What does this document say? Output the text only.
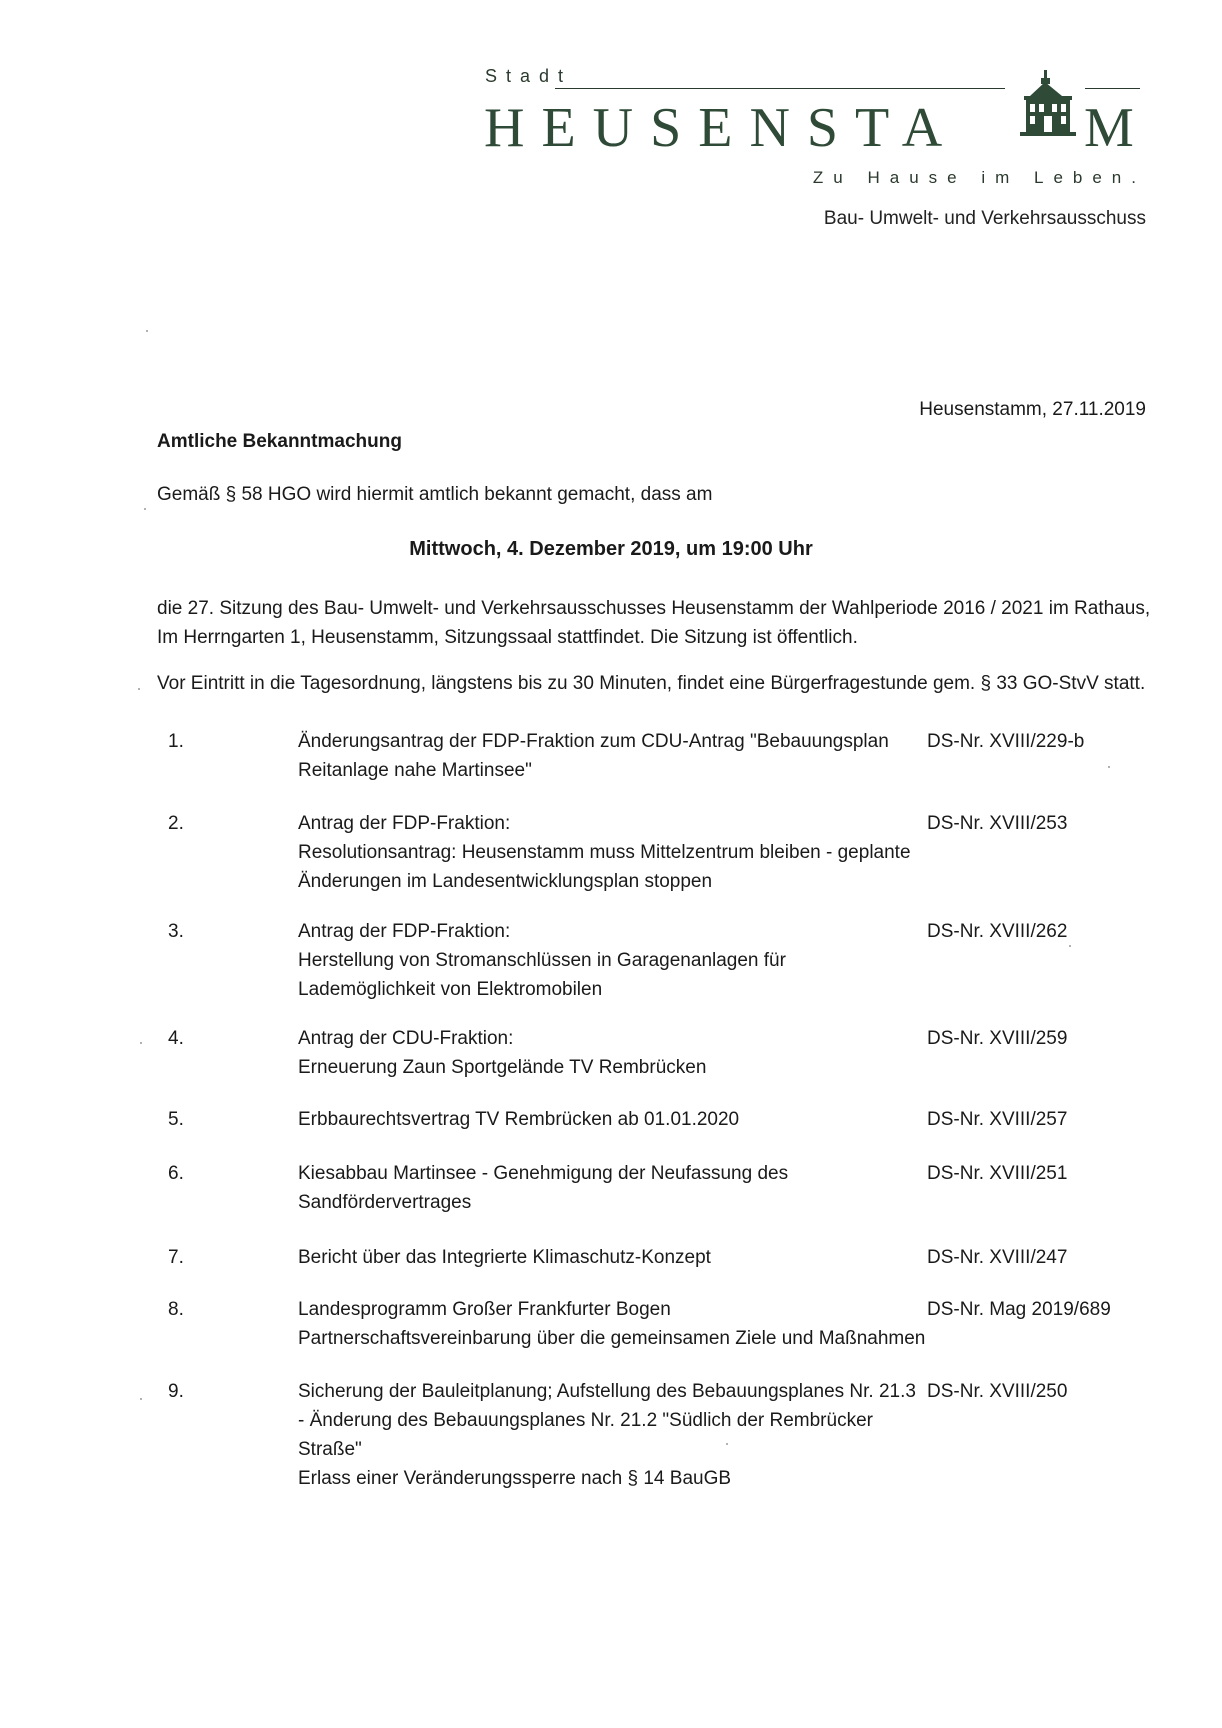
Stadt
HEUSENSTA M
Zu Hause im Leben.
Bau- Umwelt- und Verkehrsausschuss
Heusenstamm, 27.11.2019
Amtliche Bekanntmachung
Gemäß § 58 HGO wird hiermit amtlich bekannt gemacht, dass am
Mittwoch, 4. Dezember 2019, um 19:00 Uhr
die 27. Sitzung des Bau- Umwelt- und Verkehrsausschusses Heusenstamm der Wahlperiode 2016 / 2021 im Rathaus,
Im Herrngarten 1, Heusenstamm, Sitzungssaal stattfindet. Die Sitzung ist öffentlich.
Vor Eintritt in die Tagesordnung, längstens bis zu 30 Minuten, findet eine Bürgerfragestunde gem. § 33 GO-StvV statt.
1.	Änderungsantrag der FDP-Fraktion zum CDU-Antrag "Bebauungsplan
Reitanlage nahe Martinsee"
DS-Nr. XVIII/229-b
2.	Antrag der FDP-Fraktion:
Resolutionsantrag: Heusenstamm muss Mittelzentrum bleiben - geplante
Änderungen im Landesentwicklungsplan stoppen
DS-Nr. XVIII/253
3.	Antrag der FDP-Fraktion:
Herstellung von Stromanschlüssen in Garagenanlagen für
Lademöglichkeit von Elektromobilen
DS-Nr. XVIII/262
4.	Antrag der CDU-Fraktion:
Erneuerung Zaun Sportgelände TV Rembrücken
DS-Nr. XVIII/259
5.	Erbbaurechtsvertrag TV Rembrücken ab 01.01.2020	DS-Nr. XVIII/257
6.	Kiesabbau Martinsee - Genehmigung der Neufassung des
Sandfördervertrages
DS-Nr. XVIII/251
7.	Bericht über das Integrierte Klimaschutz-Konzept	DS-Nr. XVIII/247
8.	Landesprogramm Großer Frankfurter Bogen
Partnerschaftsvereinbarung über die gemeinsamen Ziele und Maßnahmen
DS-Nr. Mag 2019/689
9.	Sicherung der Bauleitplanung; Aufstellung des Bebauungsplanes Nr. 21.3
- Änderung des Bebauungsplanes Nr. 21.2 "Südlich der Rembrücker
Straße"
Erlass einer Veränderungssperre nach § 14 BauGB
DS-Nr. XVIII/250
